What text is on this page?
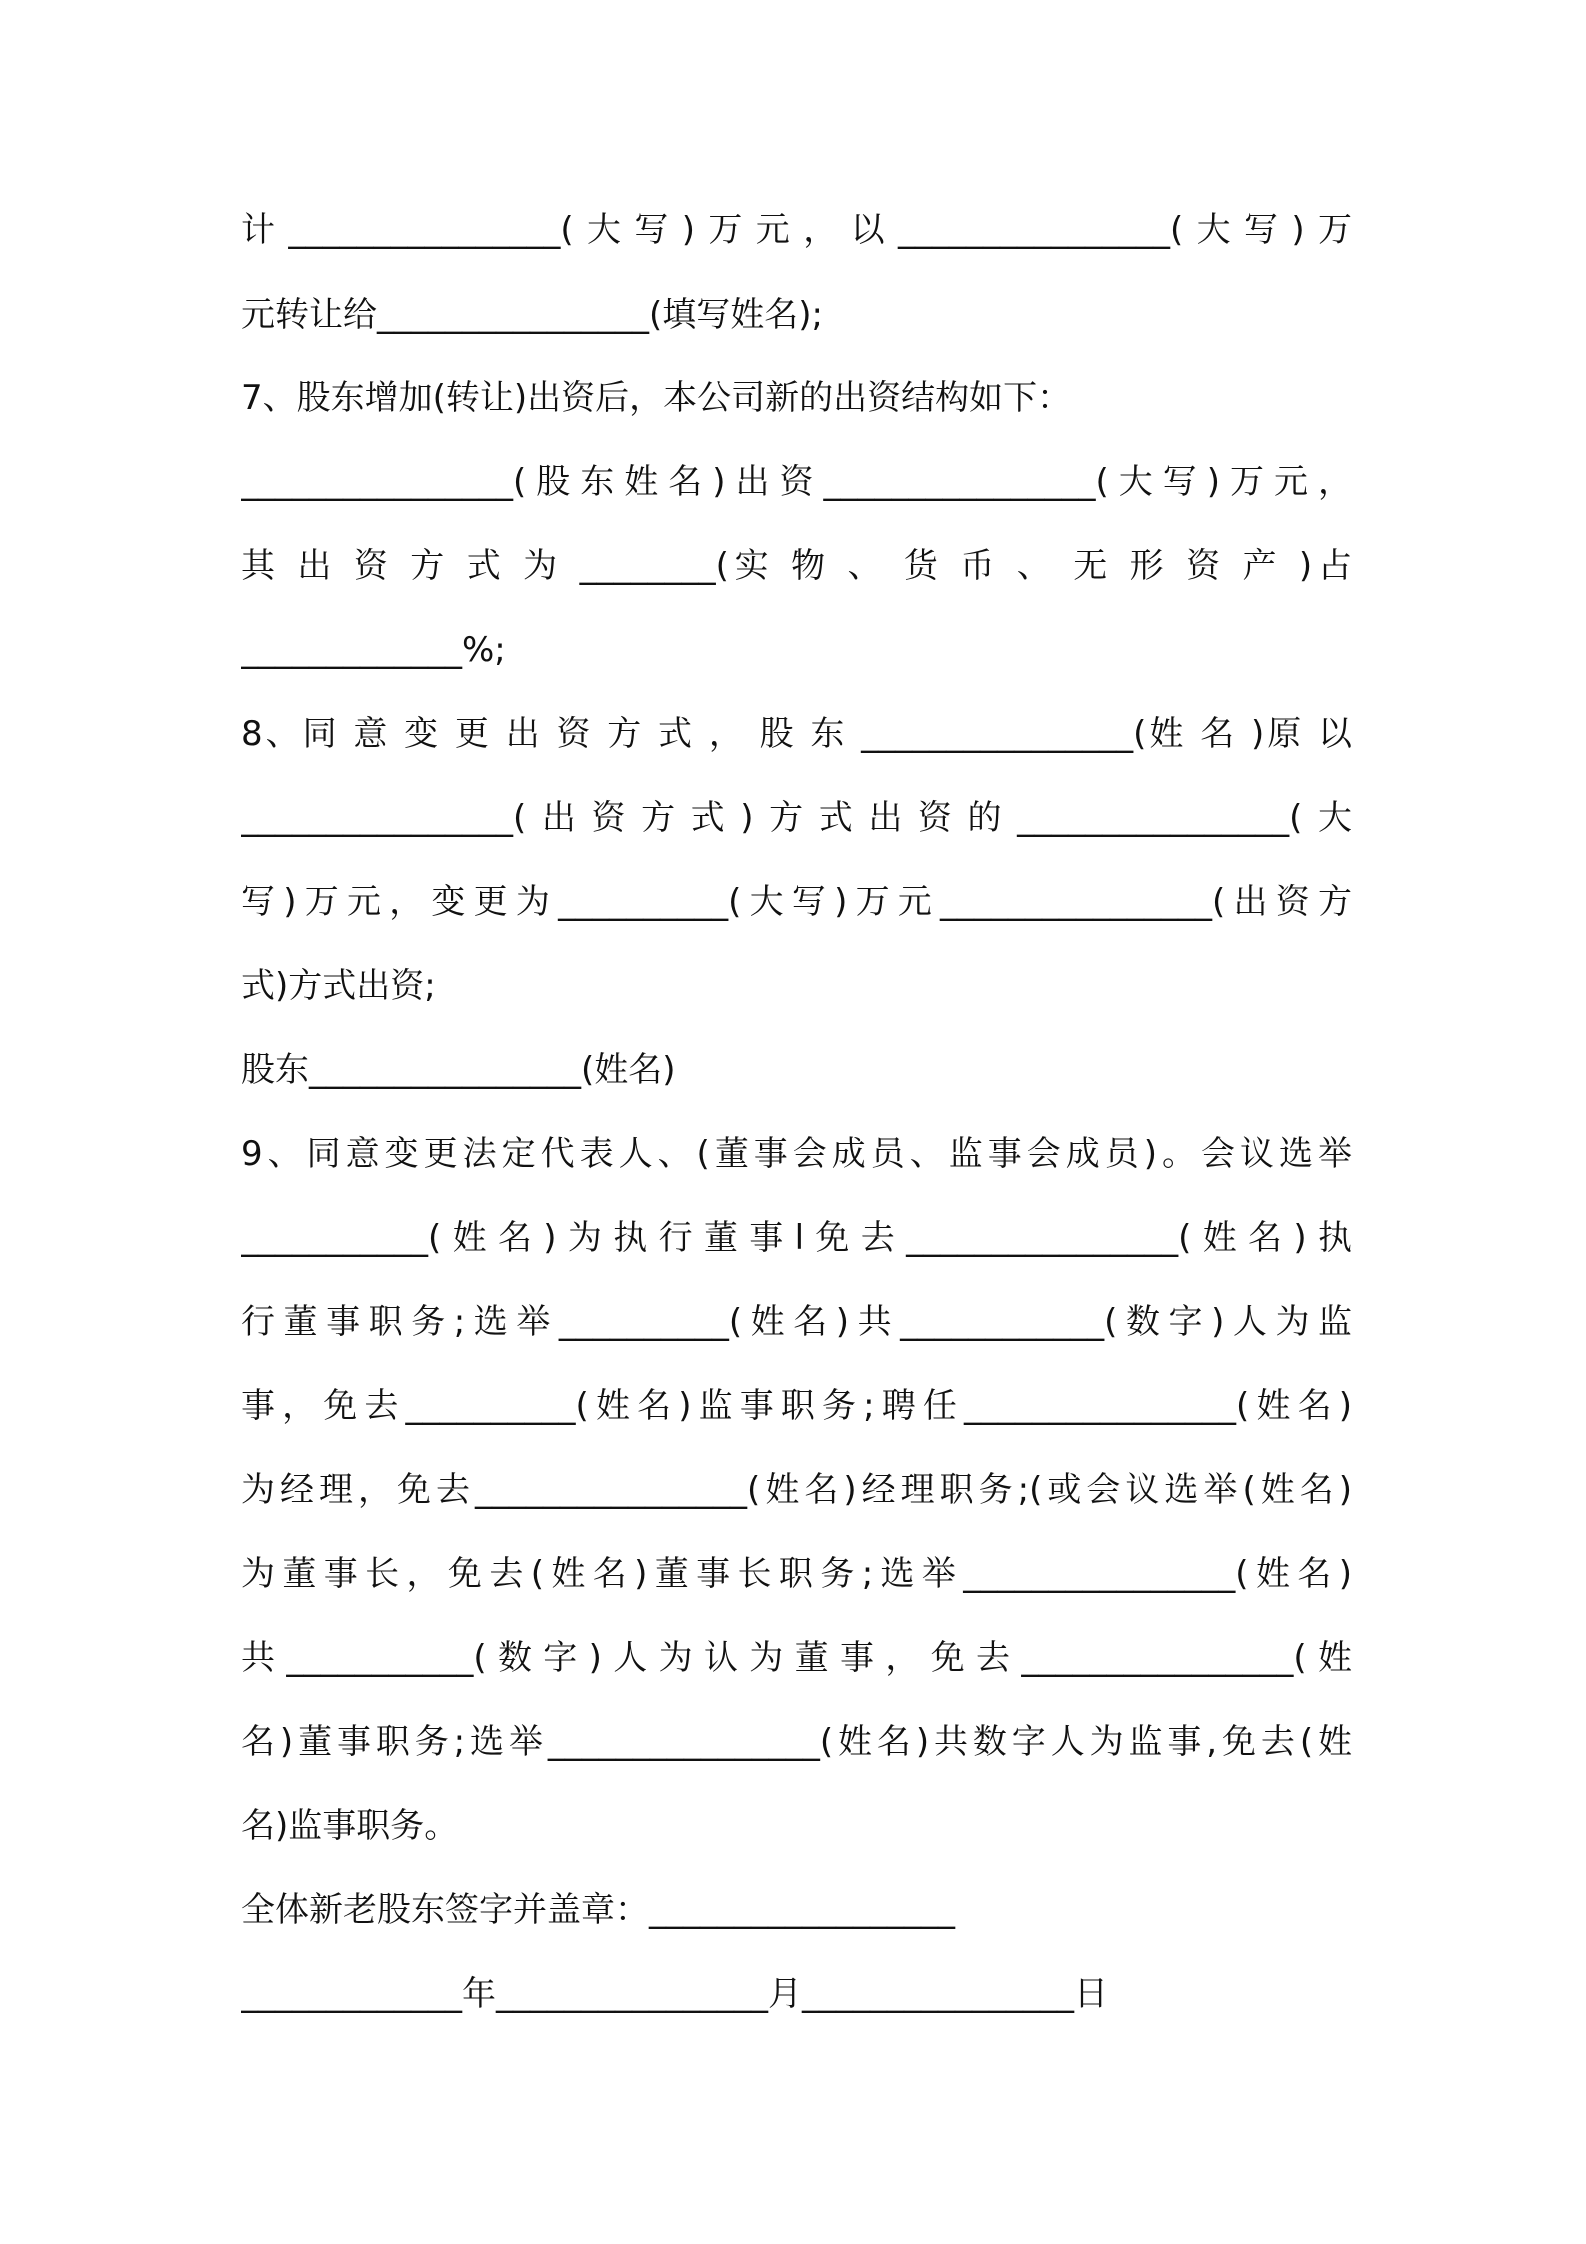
计________________(大写)万元，以________________(大写)万
元转让给________________(填写姓名);
7、股东增加(转让)出资后，本公司新的出资结构如下：
________________(股东姓名)出资________________(大写)万元，
其 出 资 方 式 为 ________(实 物 、 货 币 、 无 形 资 产 )占
_____________%;
8、同 意 变 更 出 资 方 式 ， 股 东 ________________(姓 名 )原 以
________________(出资方式)方式出资的________________(大
写)万元，变更为__________(大写)万元________________(出资方
式)方式出资;
股东________________(姓名)
9、同意变更法定代表人、(董事会成员、监事会成员)。会议选举
___________(姓名)为执行董事l免去________________(姓名)执
行董事职务;选举__________(姓名)共____________(数字)人为监
事，免去__________(姓名)监事职务;聘任________________(姓名)
为经理，免去________________(姓名)经理职务;(或会议选举(姓名)
为董事长，免去(姓名)董事长职务;选举________________(姓名)
共___________(数字)人为认为董事，免去________________(姓
名)董事职务;选举________________(姓名)共数字人为监事,免去(姓
名)监事职务。
全体新老股东签字并盖章：__________________
_____________年________________月________________日
